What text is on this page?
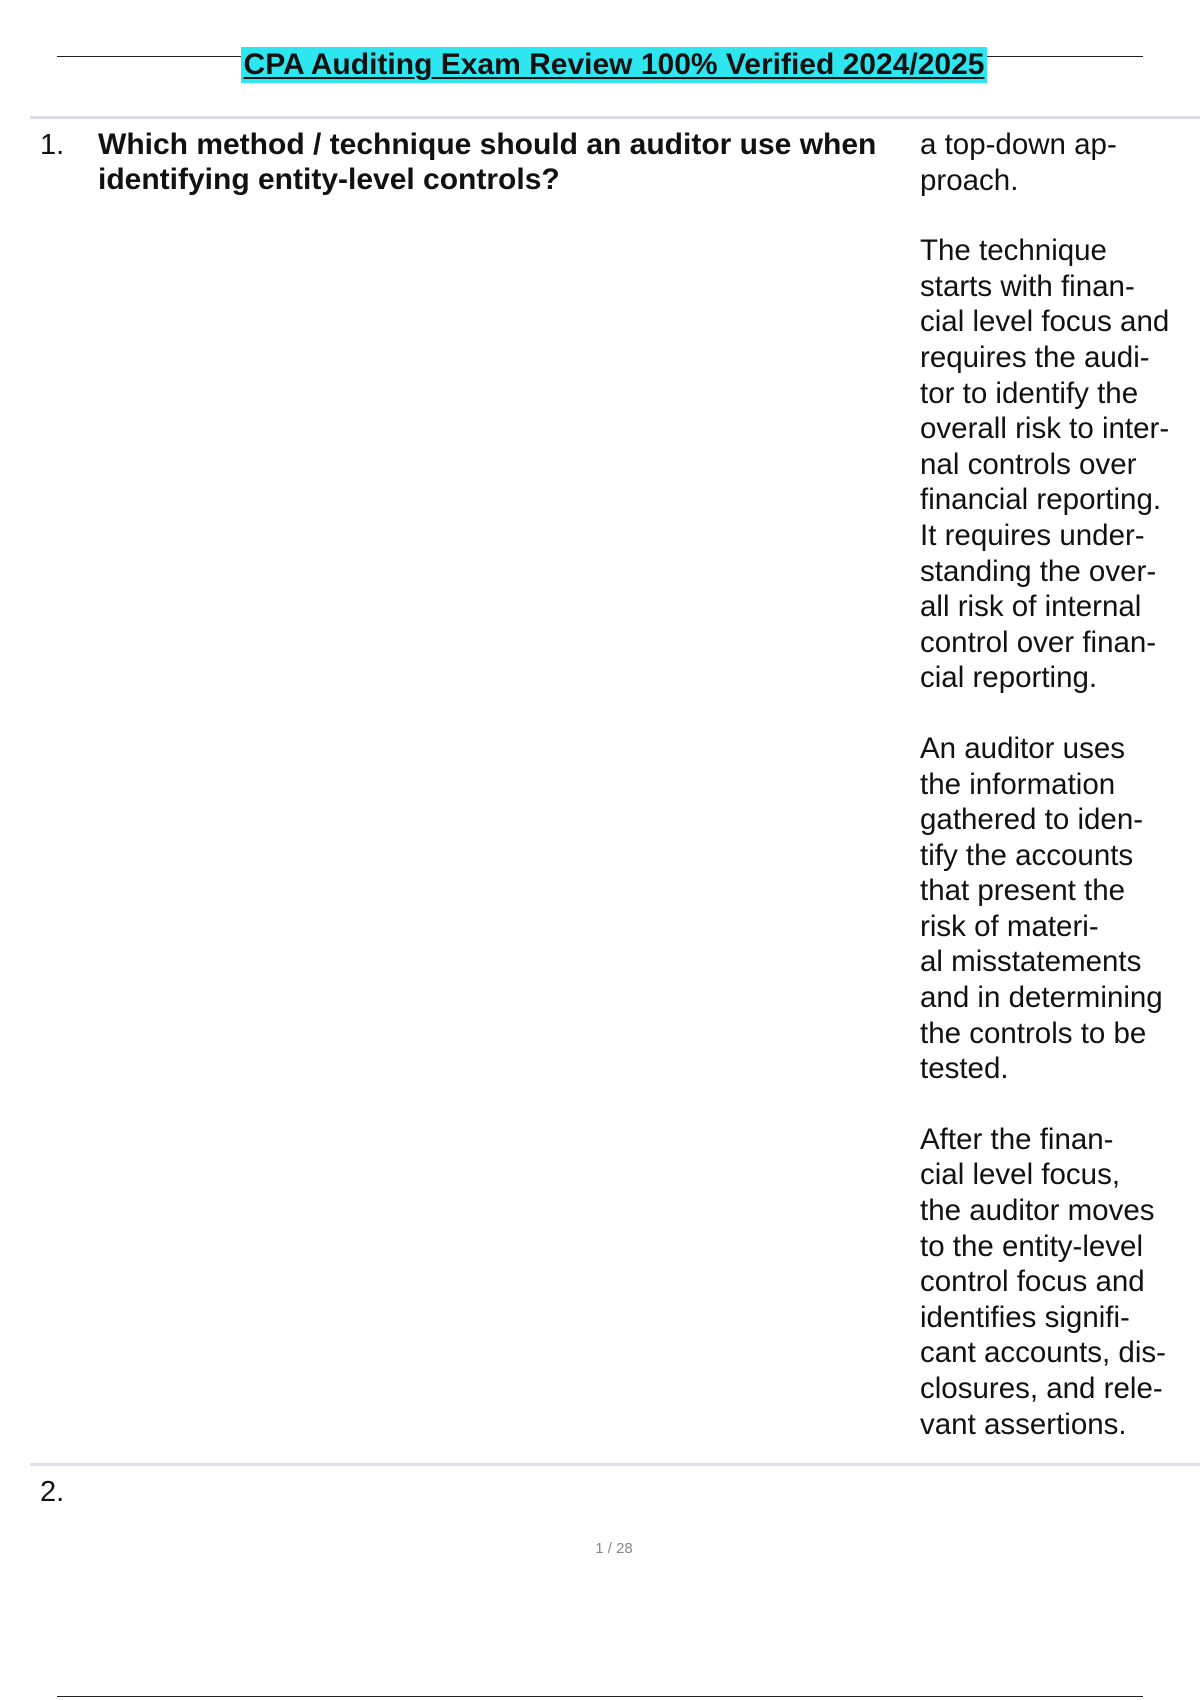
CPA Auditing Exam Review 100% Verified 2024/2025
1. Which method / technique should an auditor use when identifying entity-level controls?

a top-down ap-
proach.

The technique
starts with finan-
cial level focus and
requires the audi-
tor to identify the
overall risk to inter-
nal controls over
financial reporting.
It requires under-
standing the over-
all risk of internal
control over finan-
cial reporting.

An auditor uses
the information
gathered to iden-
tify the accounts
that present the
risk of materi-
al misstatements
and in determining
the controls to be
tested.

After the finan-
cial level focus,
the auditor moves
to the entity-level
control focus and
identifies signifi-
cant accounts, dis-
closures, and rele-
vant assertions.

2.
1 / 28
